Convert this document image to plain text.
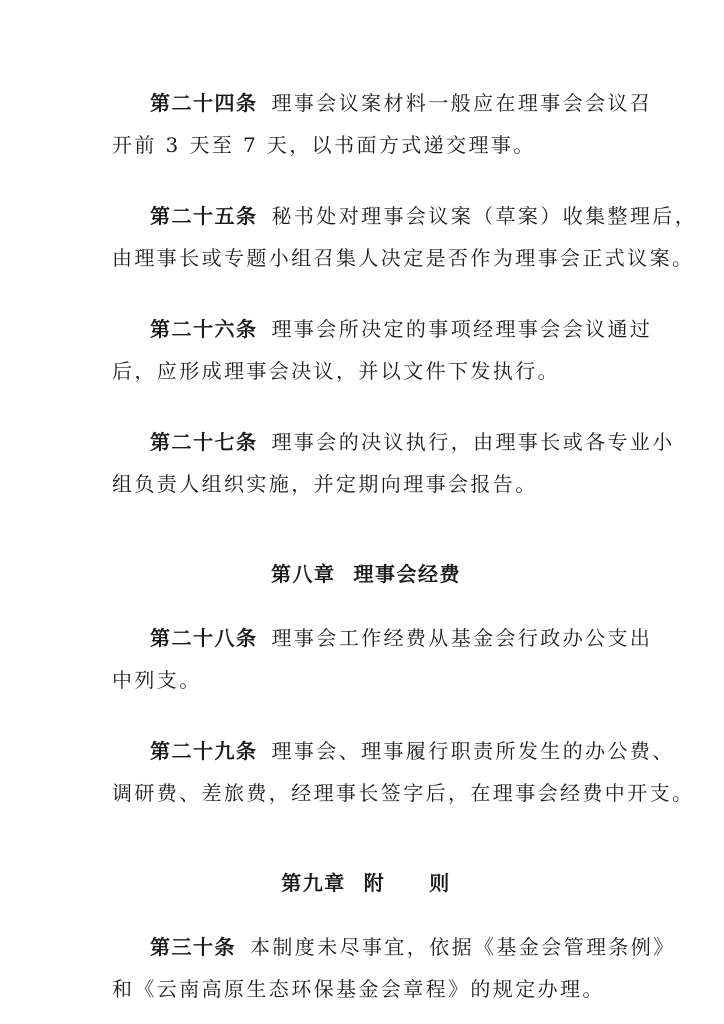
第二十四条 理事会议案材料一般应在理事会会议召
开前 3 天至 7 天，以书面方式递交理事。
第二十五条 秘书处对理事会议案（草案）收集整理后，
由理事长或专题小组召集人决定是否作为理事会正式议案。
第二十六条 理事会所决定的事项经理事会会议通过
后，应形成理事会决议，并以文件下发执行。
第二十七条 理事会的决议执行，由理事长或各专业小
组负责人组织实施，并定期向理事会报告。
第八章 理事会经费
第二十八条 理事会工作经费从基金会行政办公支出
中列支。
第二十九条 理事会、理事履行职责所发生的办公费、
调研费、差旅费，经理事长签字后，在理事会经费中开支。
第九章 附 则
第三十条 本制度未尽事宜，依据《基金会管理条例》
和《云南高原生态环保基金会章程》的规定办理。
